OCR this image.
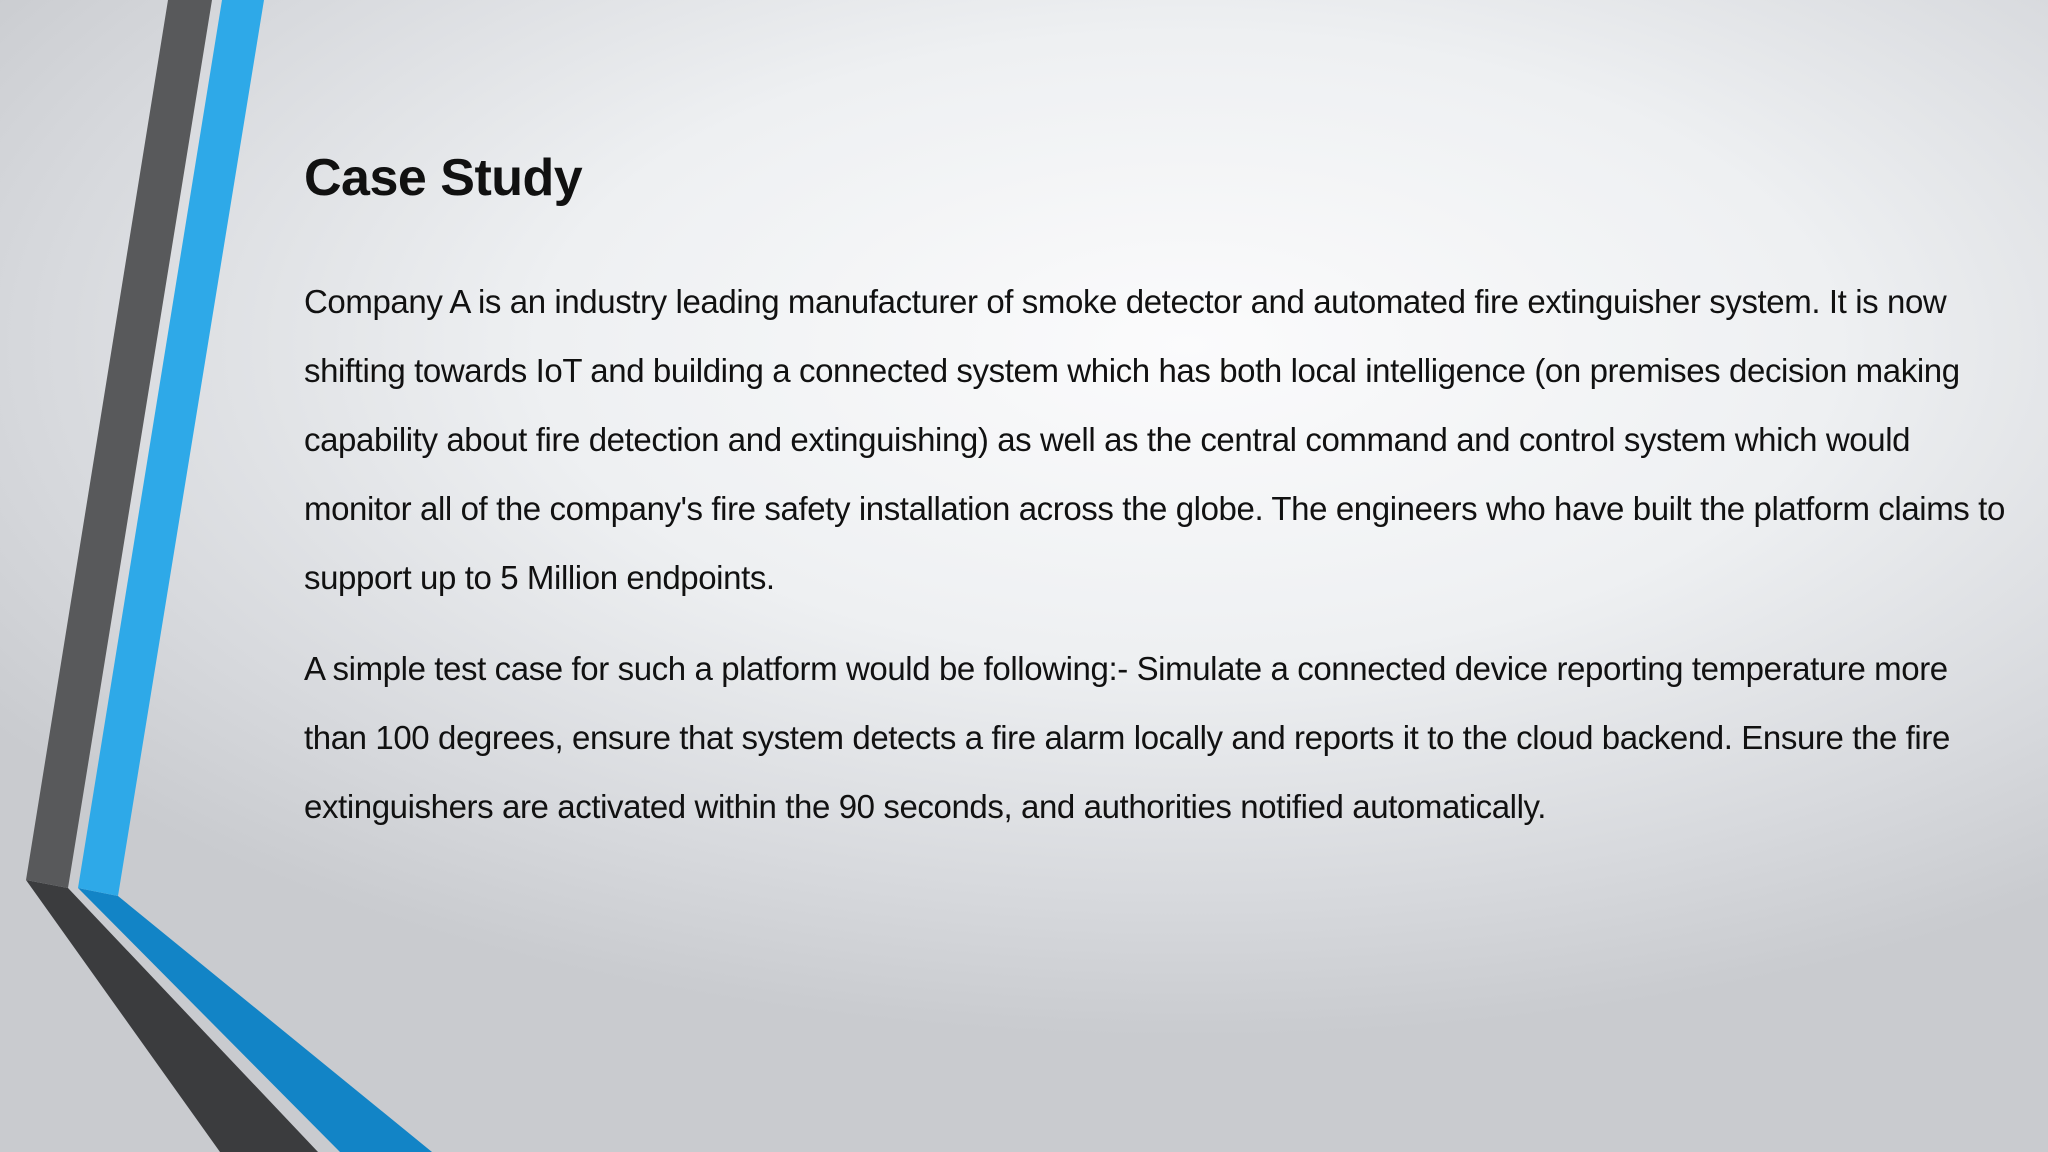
Case Study

Company A is an industry leading manufacturer of smoke detector and automated fire extinguisher system. It is now shifting towards IoT and building a connected system which has both local intelligence (on premises decision making capability about fire detection and extinguishing) as well as the central command and control system which would monitor all of the company's fire safety installation across the globe. The engineers who have built the platform claims to support up to 5 Million endpoints.

A simple test case for such a platform would be following:- Simulate a connected device reporting temperature more than 100 degrees, ensure that system detects a fire alarm locally and reports it to the cloud backend. Ensure the fire extinguishers are activated within the 90 seconds, and authorities notified automatically.
